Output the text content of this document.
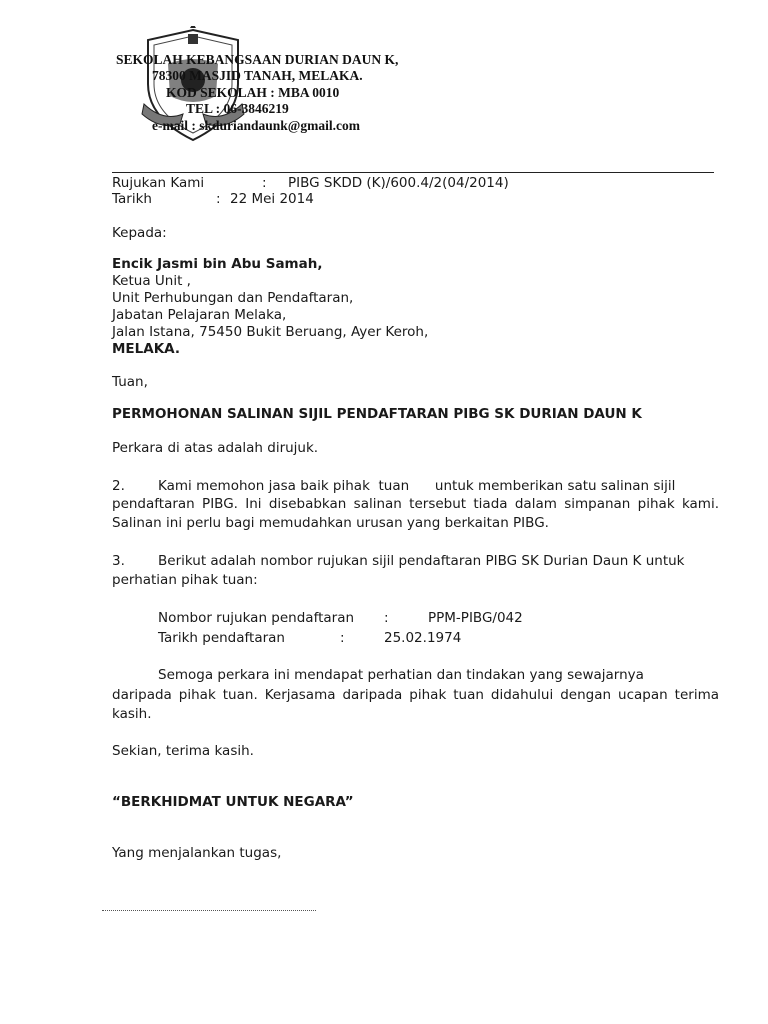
SEKOLAH KEBANGSAAN DURIAN DAUN K,
78300 MASJID TANAH, MELAKA.
KOD SEKOLAH : MBA 0010
TEL : 06-3846219
e-mail : skduriandaunk@gmail.com
Rujukan Kami	: PIBG SKDD (K)/600.4/2(04/2014)
Tarikh	: 22 Mei 2014
Kepada:
Encik Jasmi bin Abu Samah,
Ketua Unit ,
Unit Perhubungan dan Pendaftaran,
Jabatan Pelajaran Melaka,
Jalan Istana, 75450 Bukit Beruang, Ayer Keroh,
MELAKA.
Tuan,
PERMOHONAN SALINAN SIJIL PENDAFTARAN PIBG SK DURIAN DAUN K
Perkara di atas adalah dirujuk.
2. Kami memohon jasa baik pihak  tuan      untuk memberikan satu salinan sijil
pendaftaran PIBG. Ini disebabkan salinan tersebut tiada dalam simpanan pihak kami. Salinan ini perlu bagi memudahkan urusan yang berkaitan PIBG.
3. Berikut adalah nombor rujukan sijil pendaftaran PIBG SK Durian Daun K untuk
perhatian pihak tuan:
Nombor rujukan pendaftaran :	PPM-PIBG/042
Tarikh pendaftaran	:	25.02.1974
Semoga perkara ini mendapat perhatian dan tindakan yang sewajarnya
daripada pihak tuan. Kerjasama daripada pihak tuan didahului dengan ucapan terima kasih.
Sekian, terima kasih.
“BERKHIDMAT UNTUK NEGARA”
Yang menjalankan tugas,
